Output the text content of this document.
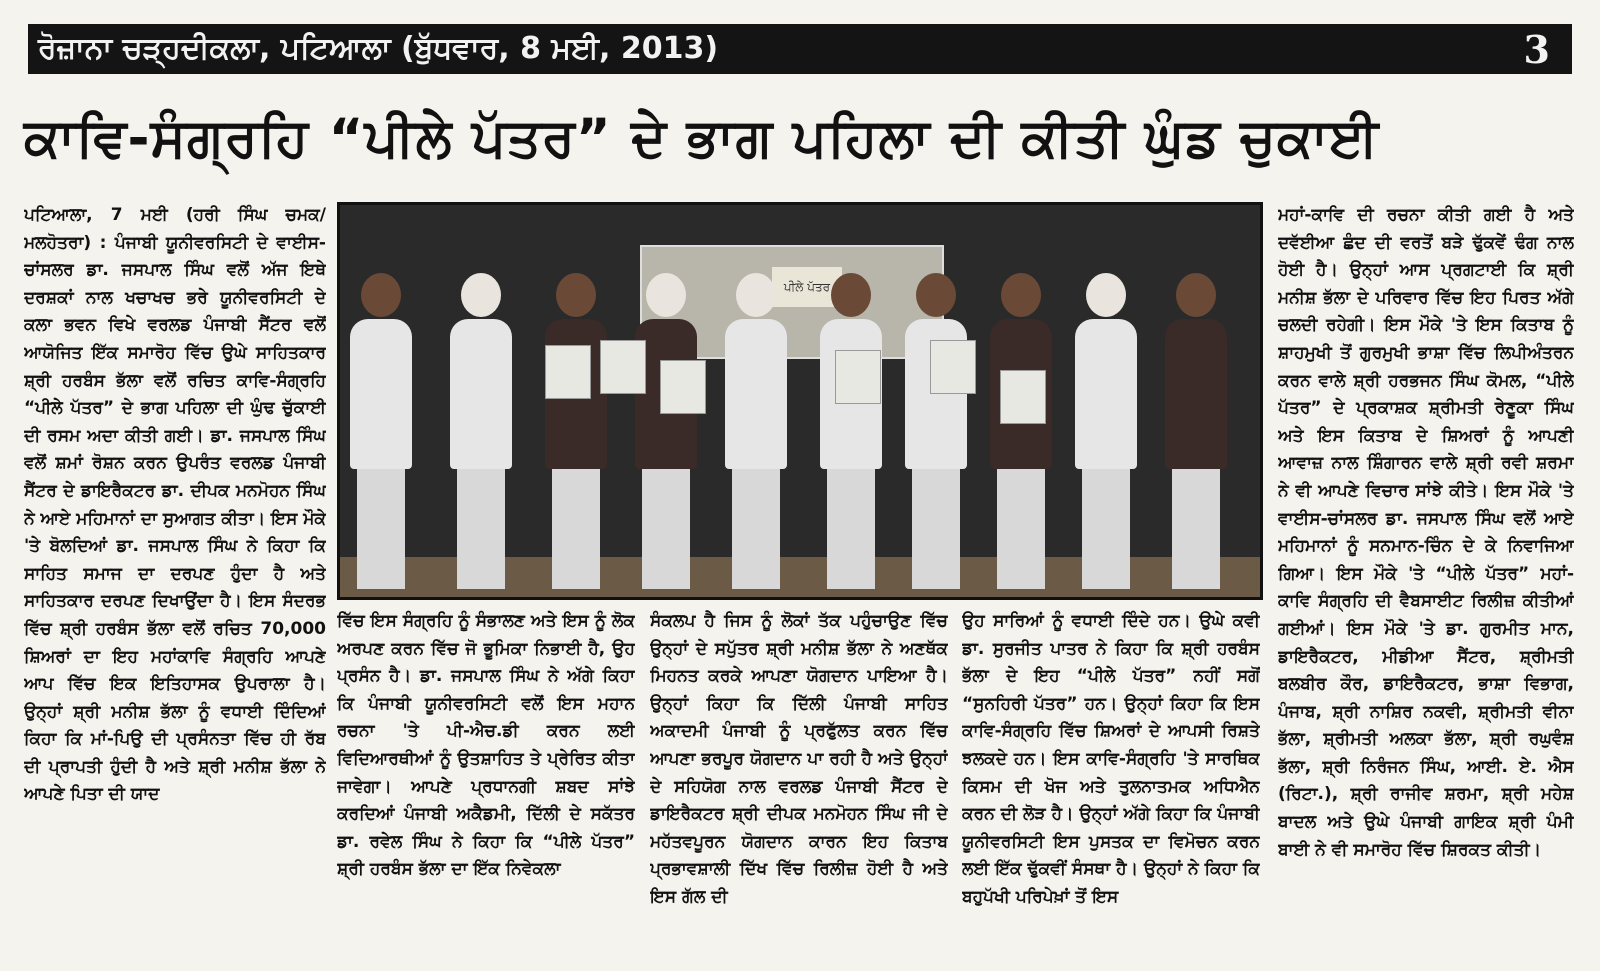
ਰੋਜ਼ਾਨਾ ਚੜ੍ਹਦੀਕਲਾ, ਪਟਿਆਲਾ (ਬੁੱਧਵਾਰ, 8 ਮਈ, 2013)	3
ਕਾਵਿ-ਸੰਗ੍ਰਹਿ “ਪੀਲੇ ਪੱਤਰ” ਦੇ ਭਾਗ ਪਹਿਲਾ ਦੀ ਕੀਤੀ ਘੁੰਡ ਚੁਕਾਈ
ਪਟਿਆਲਾ, 7 ਮਈ (ਹਰੀ ਸਿੰਘ ਚਮਕ/ ਮਲਹੋਤਰਾ) : ਪੰਜਾਬੀ ਯੂਨੀਵਰਸਿਟੀ ਦੇ ਵਾਈਸ-ਚਾਂਸਲਰ ਡਾ. ਜਸਪਾਲ ਸਿੰਘ ਵਲੋਂ ਅੱਜ ਇਥੇ ਦਰਸ਼ਕਾਂ ਨਾਲ ਖਚਾਖਚ ਭਰੇ ਯੂਨੀਵਰਸਿਟੀ ਦੇ ਕਲਾ ਭਵਨ ਵਿਖੇ ਵਰਲਡ ਪੰਜਾਬੀ ਸੈਂਟਰ ਵਲੋਂ ਆਯੋਜਿਤ ਇੱਕ ਸਮਾਰੋਹ ਵਿੱਚ ਉਘੇ ਸਾਹਿਤਕਾਰ ਸ਼੍ਰੀ ਹਰਬੰਸ ਭੱਲਾ ਵਲੋਂ ਰਚਿਤ ਕਾਵਿ-ਸੰਗ੍ਰਹਿ “ਪੀਲੇ ਪੱਤਰ” ਦੇ ਭਾਗ ਪਹਿਲਾ ਦੀ ਘੁੰਢ ਚੁੱਕਾਈ ਦੀ ਰਸਮ ਅਦਾ ਕੀਤੀ ਗਈ। ਡਾ. ਜਸਪਾਲ ਸਿੰਘ ਵਲੋਂ ਸ਼ਮਾਂ ਰੋਸ਼ਨ ਕਰਨ ਉਪਰੰਤ ਵਰਲਡ ਪੰਜਾਬੀ ਸੈਂਟਰ ਦੇ ਡਾਇਰੈਕਟਰ ਡਾ. ਦੀਪਕ ਮਨਮੋਹਨ ਸਿੰਘ ਨੇ ਆਏ ਮਹਿਮਾਨਾਂ ਦਾ ਸੁਆਗਤ ਕੀਤਾ। ਇਸ ਮੌਕੇ 'ਤੇ ਬੋਲਦਿਆਂ ਡਾ. ਜਸਪਾਲ ਸਿੰਘ ਨੇ ਕਿਹਾ ਕਿ ਸਾਹਿਤ ਸਮਾਜ ਦਾ ਦਰਪਣ ਹੁੰਦਾ ਹੈ ਅਤੇ ਸਾਹਿਤਕਾਰ ਦਰਪਣ ਦਿਖਾਉਂਦਾ ਹੈ। ਇਸ ਸੰਦਰਭ ਵਿੱਚ ਸ਼੍ਰੀ ਹਰਬੰਸ ਭੱਲਾ ਵਲੋਂ ਰਚਿਤ 70,000 ਸ਼ਿਅਰਾਂ ਦਾ ਇਹ ਮਹਾਂਕਾਵਿ ਸੰਗ੍ਰਹਿ ਆਪਣੇ ਆਪ ਵਿੱਚ ਇਕ ਇਤਿਹਾਸਕ ਉਪਰਾਲਾ ਹੈ। ਉਨ੍ਹਾਂ ਸ਼੍ਰੀ ਮਨੀਸ਼ ਭੱਲਾ ਨੂੰ ਵਧਾਈ ਦਿੰਦਿਆਂ ਕਿਹਾ ਕਿ ਮਾਂ-ਪਿਉ ਦੀ ਪ੍ਰਸੰਨਤਾ ਵਿੱਚ ਹੀ ਰੱਬ ਦੀ ਪ੍ਰਾਪਤੀ ਹੁੰਦੀ ਹੈ ਅਤੇ ਸ਼੍ਰੀ ਮਨੀਸ਼ ਭੱਲਾ ਨੇ ਆਪਣੇ ਪਿਤਾ ਦੀ ਯਾਦ
ਪੀਲੇ ਪੱਤਰ
ਵਿੱਚ ਇਸ ਸੰਗ੍ਰਹਿ ਨੂੰ ਸੰਭਾਲਣ ਅਤੇ ਇਸ ਨੂੰ ਲੋਕ ਅਰਪਣ ਕਰਨ ਵਿੱਚ ਜੋ ਭੂਮਿਕਾ ਨਿਭਾਈ ਹੈ, ਉਹ ਪ੍ਰਸੰਨ ਹੈ। ਡਾ. ਜਸਪਾਲ ਸਿੰਘ ਨੇ ਅੱਗੇ ਕਿਹਾ ਕਿ ਪੰਜਾਬੀ ਯੂਨੀਵਰਸਿਟੀ ਵਲੋਂ ਇਸ ਮਹਾਨ ਰਚਨਾ 'ਤੇ ਪੀ-ਐਚ.ਡੀ ਕਰਨ ਲਈ ਵਿਦਿਆਰਥੀਆਂ ਨੂੰ ਉਤਸ਼ਾਹਿਤ ਤੇ ਪ੍ਰੇਰਿਤ ਕੀਤਾ ਜਾਵੇਗਾ। ਆਪਣੇ ਪ੍ਰਧਾਨਗੀ ਸ਼ਬਦ ਸਾਂਝੇ ਕਰਦਿਆਂ ਪੰਜਾਬੀ ਅਕੈਡਮੀ, ਦਿੱਲੀ ਦੇ ਸਕੱਤਰ ਡਾ. ਰਵੇਲ ਸਿੰਘ ਨੇ ਕਿਹਾ ਕਿ “ਪੀਲੇ ਪੱਤਰ” ਸ਼੍ਰੀ ਹਰਬੰਸ ਭੱਲਾ ਦਾ ਇੱਕ ਨਿਵੇਕਲਾ
ਸੰਕਲਪ ਹੈ ਜਿਸ ਨੂੰ ਲੋਕਾਂ ਤੱਕ ਪਹੁੰਚਾਉਣ ਵਿੱਚ ਉਨ੍ਹਾਂ ਦੇ ਸਪੁੱਤਰ ਸ਼੍ਰੀ ਮਨੀਸ਼ ਭੱਲਾ ਨੇ ਅਣਥੱਕ ਮਿਹਨਤ ਕਰਕੇ ਆਪਣਾ ਯੋਗਦਾਨ ਪਾਇਆ ਹੈ। ਉਨ੍ਹਾਂ ਕਿਹਾ ਕਿ ਦਿੱਲੀ ਪੰਜਾਬੀ ਸਾਹਿਤ ਅਕਾਦਮੀ ਪੰਜਾਬੀ ਨੂੰ ਪ੍ਰਫੁੱਲਤ ਕਰਨ ਵਿੱਚ ਆਪਣਾ ਭਰਪੂਰ ਯੋਗਦਾਨ ਪਾ ਰਹੀ ਹੈ ਅਤੇ ਉਨ੍ਹਾਂ ਦੇ ਸਹਿਯੋਗ ਨਾਲ ਵਰਲਡ ਪੰਜਾਬੀ ਸੈਂਟਰ ਦੇ ਡਾਇਰੈਕਟਰ ਸ਼੍ਰੀ ਦੀਪਕ ਮਨਮੋਹਨ ਸਿੰਘ ਜੀ ਦੇ ਮਹੱਤਵਪੂਰਨ ਯੋਗਦਾਨ ਕਾਰਨ ਇਹ ਕਿਤਾਬ ਪ੍ਰਭਾਵਸ਼ਾਲੀ ਦਿੱਖ ਵਿੱਚ ਰਿਲੀਜ਼ ਹੋਈ ਹੈ ਅਤੇ ਇਸ ਗੱਲ ਦੀ
ਉਹ ਸਾਰਿਆਂ ਨੂੰ ਵਧਾਈ ਦਿੰਦੇ ਹਨ। ਉਘੇ ਕਵੀ ਡਾ. ਸੁਰਜੀਤ ਪਾਤਰ ਨੇ ਕਿਹਾ ਕਿ ਸ਼੍ਰੀ ਹਰਬੰਸ ਭੱਲਾ ਦੇ ਇਹ “ਪੀਲੇ ਪੱਤਰ” ਨਹੀਂ ਸਗੋਂ “ਸੁਨਹਿਰੀ ਪੱਤਰ” ਹਨ। ਉਨ੍ਹਾਂ ਕਿਹਾ ਕਿ ਇਸ ਕਾਵਿ-ਸੰਗ੍ਰਹਿ ਵਿੱਚ ਸ਼ਿਅਰਾਂ ਦੇ ਆਪਸੀ ਰਿਸ਼ਤੇ ਝਲਕਦੇ ਹਨ। ਇਸ ਕਾਵਿ-ਸੰਗ੍ਰਹਿ 'ਤੇ ਸਾਰਥਿਕ ਕਿਸਮ ਦੀ ਖੋਜ ਅਤੇ ਤੁਲਨਾਤਮਕ ਅਧਿਐਨ ਕਰਨ ਦੀ ਲੋੜ ਹੈ। ਉਨ੍ਹਾਂ ਅੱਗੇ ਕਿਹਾ ਕਿ ਪੰਜਾਬੀ ਯੂਨੀਵਰਸਿਟੀ ਇਸ ਪੁਸਤਕ ਦਾ ਵਿਮੋਚਨ ਕਰਨ ਲਈ ਇੱਕ ਢੁੱਕਵੀਂ ਸੰਸਥਾ ਹੈ। ਉਨ੍ਹਾਂ ਨੇ ਕਿਹਾ ਕਿ ਬਹੁਪੱਖੀ ਪਰਿਪੇਖ਼ਾਂ ਤੋਂ ਇਸ
ਮਹਾਂ-ਕਾਵਿ ਦੀ ਰਚਨਾ ਕੀਤੀ ਗਈ ਹੈ ਅਤੇ ਦਵੱਈਆ ਛੰਦ ਦੀ ਵਰਤੋਂ ਬੜੇ ਢੁੱਕਵੇਂ ਢੰਗ ਨਾਲ ਹੋਈ ਹੈ। ਉਨ੍ਹਾਂ ਆਸ ਪ੍ਰਗਟਾਈ ਕਿ ਸ਼੍ਰੀ ਮਨੀਸ਼ ਭੱਲਾ ਦੇ ਪਰਿਵਾਰ ਵਿੱਚ ਇਹ ਪਿਰਤ ਅੱਗੇ ਚਲਦੀ ਰਹੇਗੀ। ਇਸ ਮੌਕੇ 'ਤੇ ਇਸ ਕਿਤਾਬ ਨੂੰ ਸ਼ਾਹਮੁਖੀ ਤੋਂ ਗੁਰਮੁਖੀ ਭਾਸ਼ਾ ਵਿੱਚ ਲਿਪੀਅੰਤਰਨ ਕਰਨ ਵਾਲੇ ਸ਼੍ਰੀ ਹਰਭਜਨ ਸਿੰਘ ਕੋਮਲ, “ਪੀਲੇ ਪੱਤਰ” ਦੇ ਪ੍ਰਕਾਸ਼ਕ ਸ਼੍ਰੀਮਤੀ ਰੇਣੂਕਾ ਸਿੰਘ ਅਤੇ ਇਸ ਕਿਤਾਬ ਦੇ ਸ਼ਿਅਰਾਂ ਨੂੰ ਆਪਣੀ ਆਵਾਜ਼ ਨਾਲ ਸ਼ਿੰਗਾਰਨ ਵਾਲੇ ਸ਼੍ਰੀ ਰਵੀ ਸ਼ਰਮਾ ਨੇ ਵੀ ਆਪਣੇ ਵਿਚਾਰ ਸਾਂਝੇ ਕੀਤੇ। ਇਸ ਮੌਕੇ 'ਤੇ ਵਾਈਸ-ਚਾਂਸਲਰ ਡਾ. ਜਸਪਾਲ ਸਿੰਘ ਵਲੋਂ ਆਏ ਮਹਿਮਾਨਾਂ ਨੂੰ ਸਨਮਾਨ-ਚਿੰਨ ਦੇ ਕੇ ਨਿਵਾਜਿਆ ਗਿਆ। ਇਸ ਮੌਕੇ 'ਤੇ “ਪੀਲੇ ਪੱਤਰ” ਮਹਾਂ-ਕਾਵਿ ਸੰਗ੍ਰਹਿ ਦੀ ਵੈਬਸਾਈਟ ਰਿਲੀਜ਼ ਕੀਤੀਆਂ ਗਈਆਂ। ਇਸ ਮੌਕੇ 'ਤੇ ਡਾ. ਗੁਰਮੀਤ ਮਾਨ, ਡਾਇਰੈਕਟਰ, ਮੀਡੀਆ ਸੈਂਟਰ, ਸ਼੍ਰੀਮਤੀ ਬਲਬੀਰ ਕੌਰ, ਡਾਇਰੈਕਟਰ, ਭਾਸ਼ਾ ਵਿਭਾਗ, ਪੰਜਾਬ, ਸ਼੍ਰੀ ਨਾਸ਼ਿਰ ਨਕਵੀ, ਸ਼੍ਰੀਮਤੀ ਵੀਨਾ ਭੱਲਾ, ਸ਼੍ਰੀਮਤੀ ਅਲਕਾ ਭੱਲਾ, ਸ਼੍ਰੀ ਰਘੁਵੰਸ਼ ਭੱਲਾ, ਸ਼੍ਰੀ ਨਿਰੰਜਨ ਸਿੰਘ, ਆਈ. ਏ. ਐਸ (ਰਿਟਾ.), ਸ਼੍ਰੀ ਰਾਜੀਵ ਸ਼ਰਮਾ, ਸ਼੍ਰੀ ਮਹੇਸ਼ ਬਾਦਲ ਅਤੇ ਉਘੇ ਪੰਜਾਬੀ ਗਾਇਕ ਸ਼੍ਰੀ ਪੰਮੀ ਬਾਈ ਨੇ ਵੀ ਸਮਾਰੋਹ ਵਿੱਚ ਸ਼ਿਰਕਤ ਕੀਤੀ।
